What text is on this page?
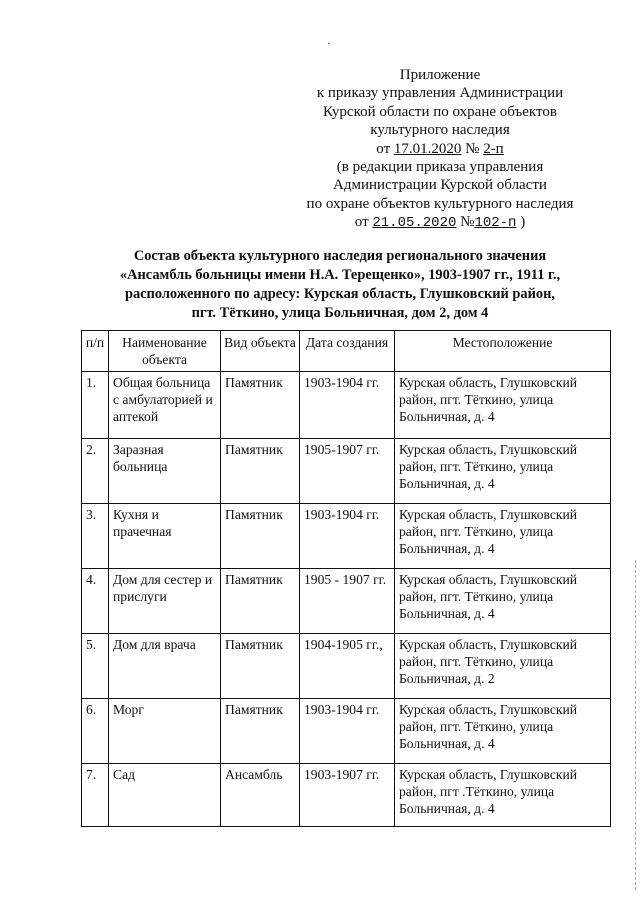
·
Приложение
к приказу управления Администрации
Курской области по охране объектов
культурного наследия
от 17.01.2020 № 2-п
(в редакции приказа управления
Администрации Курской области
по охране объектов культурного наследия
от 21.05.2020 №102-п )
Состав объекта культурного наследия регионального значения
«Ансамбль больницы имени Н.А. Терещенко», 1903-1907 гг., 1911 г.,
расположенного по адресу: Курская область, Глушковский район,
пгт. Тёткино, улица Больничная, дом 2, дом 4
п/п	Наименование объекта	Вид объекта	Дата создания	Местоположение
1.	Общая больница с амбулаторией и аптекой	Памятник	1903-1904 гг.	Курская область, Глушковский район, пгт. Тёткино, улица Больничная, д. 4
2.	Заразная больница	Памятник	1905-1907 гг.	Курская область, Глушковский район, пгт. Тёткино, улица Больничная, д. 4
3.	Кухня и прачечная	Памятник	1903-1904 гг.	Курская область, Глушковский район, пгт. Тёткино, улица Больничная, д. 4
4.	Дом для сестер и прислуги	Памятник	1905 - 1907 гг.	Курская область, Глушковский район, пгт. Тёткино, улица Больничная, д. 4
5.	Дом для врача	Памятник	1904-1905 гг.,	Курская область, Глушковский район, пгт. Тёткино, улица Больничная, д. 2
6.	Морг	Памятник	1903-1904 гг.	Курская область, Глушковский район, пгт. Тёткино, улица Больничная, д. 4
7.	Сад	Ансамбль	1903-1907 гг.	Курская область, Глушковский район, пгт .Тёткино, улица Больничная, д. 4
